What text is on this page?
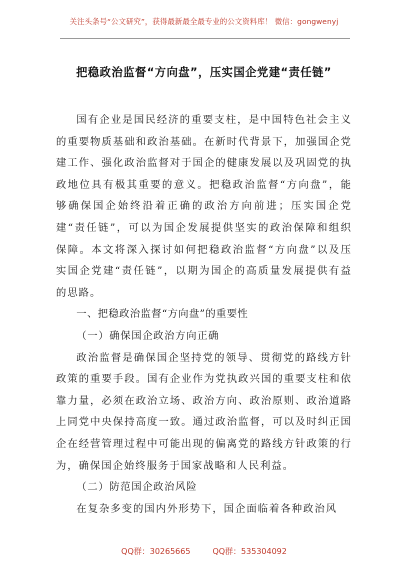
关注头条号“公文研究”，获得最新最全最专业的公文资料库！ 微信：gongwenyj
把稳政治监督“方向盘”，压实国企党建“责任链”

国有企业是国民经济的重要支柱，是中国特色社会主义的重要物质基础和政治基础。在新时代背景下，加强国企党建工作、强化政治监督对于国企的健康发展以及巩固党的执政地位具有极其重要的意义。把稳政治监督“方向盘”，能够确保国企始终沿着正确的政治方向前进；压实国企党建“责任链”，可以为国企发展提供坚实的政治保障和组织保障。本文将深入探讨如何把稳政治监督“方向盘”以及压实国企党建“责任链”，以期为国企的高质量发展提供有益的思路。

一、把稳政治监督“方向盘”的重要性

（一）确保国企政治方向正确

政治监督是确保国企坚持党的领导、贯彻党的路线方针政策的重要手段。国有企业作为党执政兴国的重要支柱和依靠力量，必须在政治立场、政治方向、政治原则、政治道路上同党中央保持高度一致。通过政治监督，可以及时纠正国企在经营管理过程中可能出现的偏离党的路线方针政策的行为，确保国企始终服务于国家战略和人民利益。

（二）防范国企政治风险

在复杂多变的国内外形势下，国企面临着各种政治风

QQ群：30265665	QQ群：535304092
